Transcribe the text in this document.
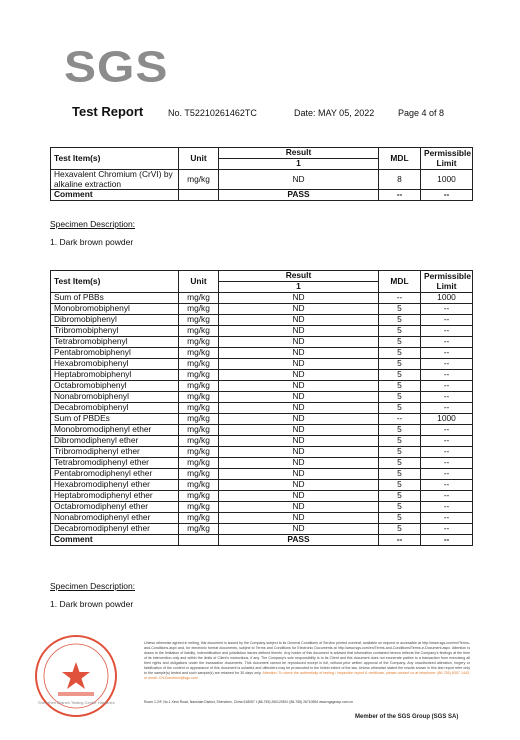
SGS
Test Report	No. T52210261462TC	Date: MAY 05, 2022	Page 4 of 8
Test Item(s)	Unit	Result	MDL	Permissible
Limit
		1		
Hexavalent Chromium (CrVI) by alkaline extraction	mg/kg	ND	8	1000
Comment		PASS	--	--
Specimen Description:
1. Dark brown powder
Test Item(s)	Unit	Result	MDL	Permissible
Limit
		1		
Sum of PBBs	mg/kg	ND	--	1000
Monobromobiphenyl	mg/kg	ND	5	--
Dibromobiphenyl	mg/kg	ND	5	--
Tribromobiphenyl	mg/kg	ND	5	--
Tetrabromobiphenyl	mg/kg	ND	5	--
Pentabromobiphenyl	mg/kg	ND	5	--
Hexabromobiphenyl	mg/kg	ND	5	--
Heptabromobiphenyl	mg/kg	ND	5	--
Octabromobiphenyl	mg/kg	ND	5	--
Nonabromobiphenyl	mg/kg	ND	5	--
Decabromobiphenyl	mg/kg	ND	5	--
Sum of PBDEs	mg/kg	ND	--	1000
Monobromodiphenyl ether	mg/kg	ND	5	--
Dibromodiphenyl ether	mg/kg	ND	5	--
Tribromodiphenyl ether	mg/kg	ND	5	--
Tetrabromodiphenyl ether	mg/kg	ND	5	--
Pentabromodiphenyl ether	mg/kg	ND	5	--
Hexabromodiphenyl ether	mg/kg	ND	5	--
Heptabromodiphenyl ether	mg/kg	ND	5	--
Octabromodiphenyl ether	mg/kg	ND	5	--
Nonabromodiphenyl ether	mg/kg	ND	5	--
Decabromodiphenyl ether	mg/kg	ND	5	--
Comment		PASS	--	--
Specimen Description:
1. Dark brown powder
Shenzhen Branch Testing Center Hardlines
Unless otherwise agreed in writing, this document is issued by the Company subject to its General Conditions of Service printed overleaf, available on request or accessible at http://www.sgs.com/en/Terms-and-Conditions.aspx and, for electronic format documents, subject to Terms and Conditions for Electronic Documents at http://www.sgs.com/en/Terms-and-Conditions/Terms-e-Document.aspx. Attention is drawn to the limitation of liability, indemnification and jurisdiction issues defined therein. Any holder of this document is advised that information contained hereon reflects the Company's findings at the time of its intervention only and within the limits of Client's instructions, if any. The Company's sole responsibility is to its Client and this document does not exonerate parties to a transaction from exercising all their rights and obligations under the transaction documents. This document cannot be reproduced except in full, without prior written approval of the Company. Any unauthorized alteration, forgery or falsification of the content or appearance of this document is unlawful and offenders may be prosecuted to the fullest extent of the law. Unless otherwise stated the results shown in this test report refer only to the sample(s) tested and such sample(s) are retained for 30 days only. Attention: To check the authenticity of testing / inspection report & certificate, please contact us at telephone: (86-755) 8307 1443, or email: CN.Doccheck@sgs.com
Room 1-2/F, No.1 Xinxi Road, Nanshan District, Shenzhen, China 518057 t (86-755) 26012053 f (86-755) 26710594 www.sgsgroup.com.cn
Member of the SGS Group (SGS SA)
